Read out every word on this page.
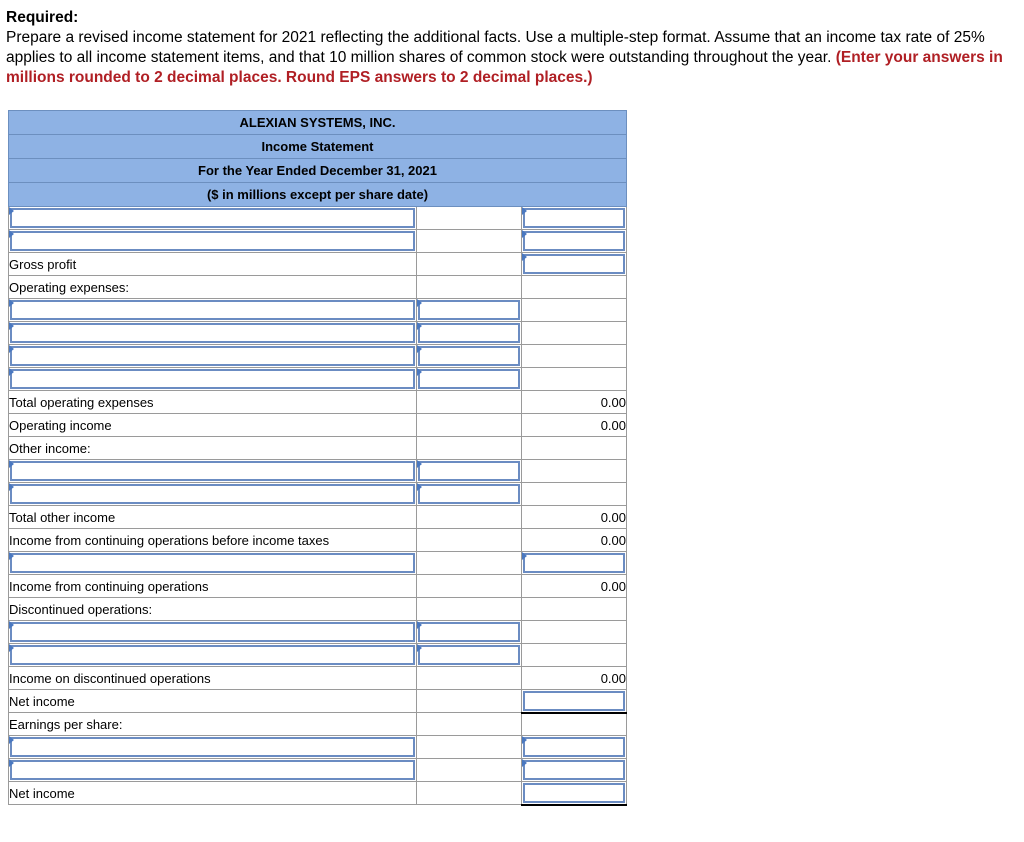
Required:
Prepare a revised income statement for 2021 reflecting the additional facts. Use a multiple-step format. Assume that an income tax rate of 25% applies to all income statement items, and that 10 million shares of common stock were outstanding throughout the year. (Enter your answers in millions rounded to 2 decimal places. Round EPS answers to 2 decimal places.)
ALEXIAN SYSTEMS, INC.		
Income Statement		
For the Year Ended December 31, 2021		
($ in millions except per share date)		

Gross profit		

Operating expenses:		

Total operating expenses		0.00
Operating income		0.00
Other income:		

Total other income		0.00
Income from continuing operations before income taxes		0.00

Income from continuing operations		0.00
Discontinued operations:		

Income on discontinued operations		0.00
Net income		

Earnings per share:		

Net income		
